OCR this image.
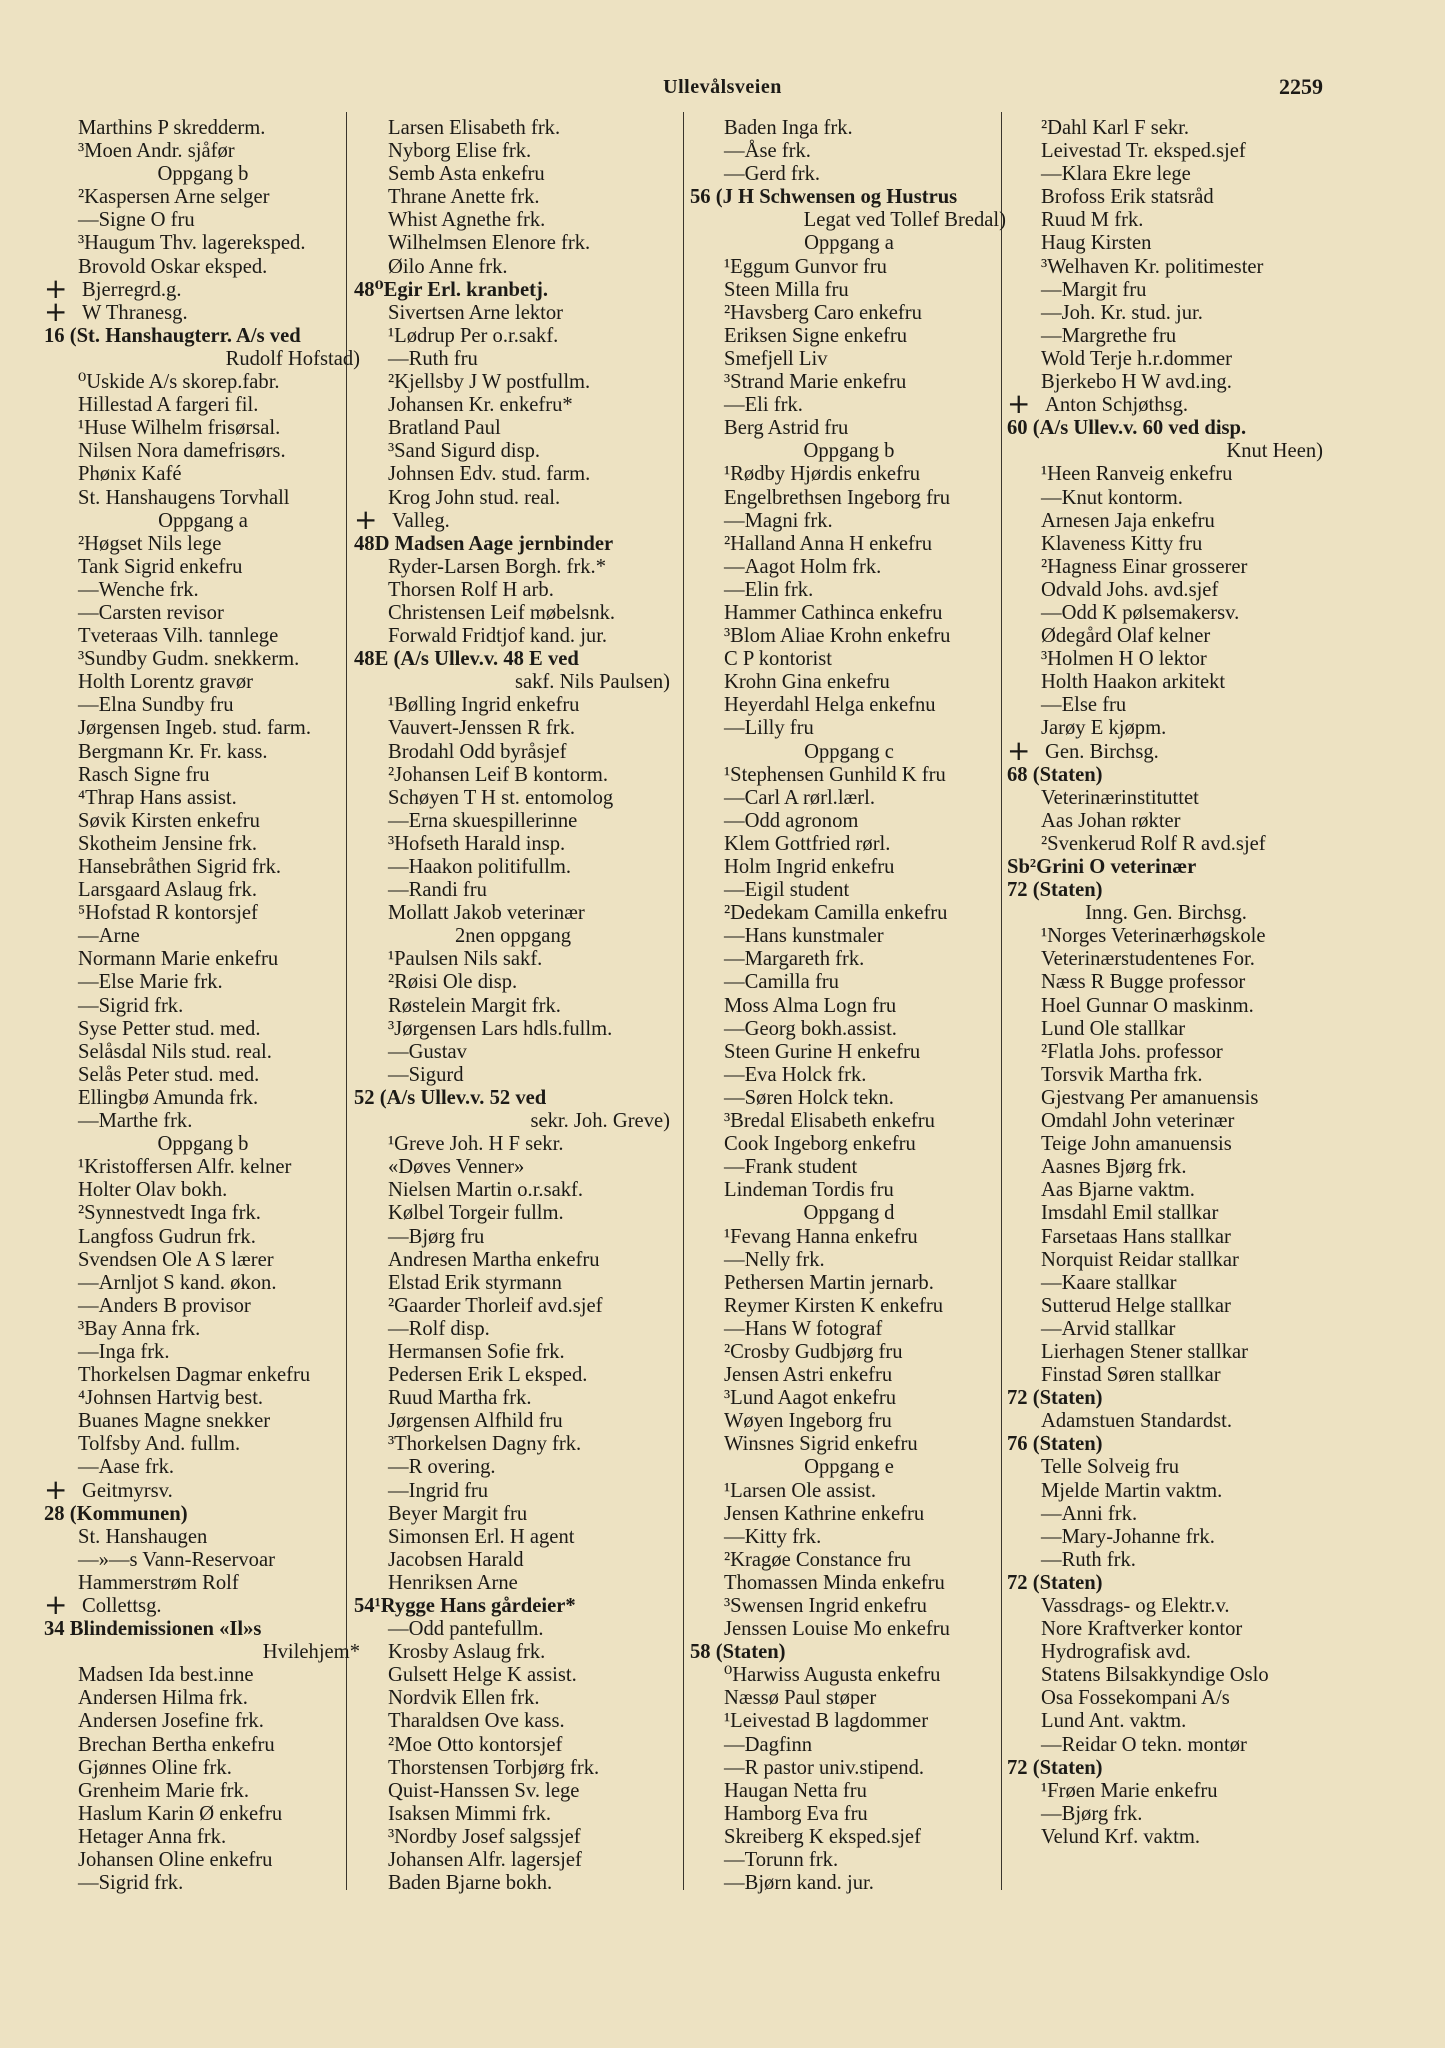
Ullevålsveien	2259
Marthins P skredderm.
³Moen Andr. sjåfør
Oppgang b
²Kaspersen Arne selger
—Signe O fru
³Haugum Thv. lagereksped.
Brovold Oskar eksped.
+ Bjerregrd.g.
+ W Thranesg.
16 (St. Hanshaugterr. A/s ved
Rudolf Hofstad)
⁰Uskide A/s skorep.fabr.
Hillestad A fargeri fil.
¹Huse Wilhelm frisørsal.
Nilsen Nora damefrisørs.
Phønix Kafé
St. Hanshaugens Torvhall
Oppgang a
²Høgset Nils lege
Tank Sigrid enkefru
—Wenche frk.
—Carsten revisor
Tveteraas Vilh. tannlege
³Sundby Gudm. snekkerm.
Holth Lorentz gravør
—Elna Sundby fru
Jørgensen Ingeb. stud. farm.
Bergmann Kr. Fr. kass.
Rasch Signe fru
⁴Thrap Hans assist.
Søvik Kirsten enkefru
Skotheim Jensine frk.
Hansebråthen Sigrid frk.
Larsgaard Aslaug frk.
⁵Hofstad R kontorsjef
—Arne
Normann Marie enkefru
—Else Marie frk.
—Sigrid frk.
Syse Petter stud. med.
Selåsdal Nils stud. real.
Selås Peter stud. med.
Ellingbø Amunda frk.
—Marthe frk.
Oppgang b
¹Kristoffersen Alfr. kelner
Holter Olav bokh.
²Synnestvedt Inga frk.
Langfoss Gudrun frk.
Svendsen Ole A S lærer
—Arnljot S kand. økon.
—Anders B provisor
³Bay Anna frk.
—Inga frk.
Thorkelsen Dagmar enkefru
⁴Johnsen Hartvig best.
Buanes Magne snekker
Tolfsby And. fullm.
—Aase frk.
+ Geitmyrsv.
28 (Kommunen)
St. Hanshaugen
—»—s Vann-Reservoar
Hammerstrøm Rolf
+ Collettsg.
34 Blindemissionen «Il»s
Hvilehjem*
Madsen Ida best.inne
Andersen Hilma frk.
Andersen Josefine frk.
Brechan Bertha enkefru
Gjønnes Oline frk.
Grenheim Marie frk.
Haslum Karin Ø enkefru
Hetager Anna frk.
Johansen Oline enkefru
—Sigrid frk.
Larsen Elisabeth frk.
Nyborg Elise frk.
Semb Asta enkefru
Thrane Anette frk.
Whist Agnethe frk.
Wilhelmsen Elenore frk.
Øilo Anne frk.
48⁰Egir Erl. kranbetj.
Sivertsen Arne lektor
¹Lødrup Per o.r.sakf.
—Ruth fru
²Kjellsby J W postfullm.
Johansen Kr. enkefru*
Bratland Paul
³Sand Sigurd disp.
Johnsen Edv. stud. farm.
Krog John stud. real.
+ Valleg.
48D Madsen Aage jernbinder
Ryder-Larsen Borgh. frk.*
Thorsen Rolf H arb.
Christensen Leif møbelsnk.
Forwald Fridtjof kand. jur.
48E (A/s Ullev.v. 48 E ved
sakf. Nils Paulsen)
¹Bølling Ingrid enkefru
Vauvert-Jenssen R frk.
Brodahl Odd byråsjef
²Johansen Leif B kontorm.
Schøyen T H st. entomolog
—Erna skuespillerinne
³Hofseth Harald insp.
—Haakon politifullm.
—Randi fru
Mollatt Jakob veterinær
2nen oppgang
¹Paulsen Nils sakf.
²Røisi Ole disp.
Røstelein Margit frk.
³Jørgensen Lars hdls.fullm.
—Gustav
—Sigurd
52 (A/s Ullev.v. 52 ved
sekr. Joh. Greve)
¹Greve Joh. H F sekr.
«Døves Venner»
Nielsen Martin o.r.sakf.
Kølbel Torgeir fullm.
—Bjørg fru
Andresen Martha enkefru
Elstad Erik styrmann
²Gaarder Thorleif avd.sjef
—Rolf disp.
Hermansen Sofie frk.
Pedersen Erik L eksped.
Ruud Martha frk.
Jørgensen Alfhild fru
³Thorkelsen Dagny frk.
—R overing.
—Ingrid fru
Beyer Margit fru
Simonsen Erl. H agent
Jacobsen Harald
Henriksen Arne
54¹Rygge Hans gårdeier*
—Odd pantefullm.
Krosby Aslaug frk.
Gulsett Helge K assist.
Nordvik Ellen frk.
Tharaldsen Ove kass.
²Moe Otto kontorsjef
Thorstensen Torbjørg frk.
Quist-Hanssen Sv. lege
Isaksen Mimmi frk.
³Nordby Josef salgssjef
Johansen Alfr. lagersjef
Baden Bjarne bokh.
Baden Inga frk.
—Åse frk.
—Gerd frk.
56 (J H Schwensen og Hustrus
Legat ved Tollef Bredal)
Oppgang a
¹Eggum Gunvor fru
Steen Milla fru
²Havsberg Caro enkefru
Eriksen Signe enkefru
Smefjell Liv
³Strand Marie enkefru
—Eli frk.
Berg Astrid fru
Oppgang b
¹Rødby Hjørdis enkefru
Engelbrethsen Ingeborg fru
—Magni frk.
²Halland Anna H enkefru
—Aagot Holm frk.
—Elin frk.
Hammer Cathinca enkefru
³Blom Aliae Krohn enkefru
C P kontorist
Krohn Gina enkefru
Heyerdahl Helga enkefnu
—Lilly fru
Oppgang c
¹Stephensen Gunhild K fru
—Carl A rørl.lærl.
—Odd agronom
Klem Gottfried rørl.
Holm Ingrid enkefru
—Eigil student
²Dedekam Camilla enkefru
—Hans kunstmaler
—Margareth frk.
—Camilla fru
Moss Alma Logn fru
—Georg bokh.assist.
Steen Gurine H enkefru
—Eva Holck frk.
—Søren Holck tekn.
³Bredal Elisabeth enkefru
Cook Ingeborg enkefru
—Frank student
Lindeman Tordis fru
Oppgang d
¹Fevang Hanna enkefru
—Nelly frk.
Pethersen Martin jernarb.
Reymer Kirsten K enkefru
—Hans W fotograf
²Crosby Gudbjørg fru
Jensen Astri enkefru
³Lund Aagot enkefru
Wøyen Ingeborg fru
Winsnes Sigrid enkefru
Oppgang e
¹Larsen Ole assist.
Jensen Kathrine enkefru
—Kitty frk.
²Kragøe Constance fru
Thomassen Minda enkefru
³Swensen Ingrid enkefru
Jenssen Louise Mo enkefru
58 (Staten)
⁰Harwiss Augusta enkefru
Næssø Paul støper
¹Leivestad B lagdommer
—Dagfinn
—R pastor univ.stipend.
Haugan Netta fru
Hamborg Eva fru
Skreiberg K eksped.sjef
—Torunn frk.
—Bjørn kand. jur.
²Dahl Karl F sekr.
Leivestad Tr. eksped.sjef
—Klara Ekre lege
Brofoss Erik statsråd
Ruud M frk.
Haug Kirsten
³Welhaven Kr. politimester
—Margit fru
—Joh. Kr. stud. jur.
—Margrethe fru
Wold Terje h.r.dommer
Bjerkebo H W avd.ing.
+ Anton Schjøthsg.
60 (A/s Ullev.v. 60 ved disp.
Knut Heen)
¹Heen Ranveig enkefru
—Knut kontorm.
Arnesen Jaja enkefru
Klaveness Kitty fru
²Hagness Einar grosserer
Odvald Johs. avd.sjef
—Odd K pølsemakersv.
Ødegård Olaf kelner
³Holmen H O lektor
Holth Haakon arkitekt
—Else fru
Jarøy E kjøpm.
+ Gen. Birchsg.
68 (Staten)
Veterinærinstituttet
Aas Johan røkter
²Svenkerud Rolf R avd.sjef
Sb²Grini O veterinær
72 (Staten)
Inng. Gen. Birchsg.
¹Norges Veterinærhøgskole
Veterinærstudentenes For.
Næss R Bugge professor
Hoel Gunnar O maskinm.
Lund Ole stallkar
²Flatla Johs. professor
Torsvik Martha frk.
Gjestvang Per amanuensis
Omdahl John veterinær
Teige John amanuensis
Aasnes Bjørg frk.
Aas Bjarne vaktm.
Imsdahl Emil stallkar
Farsetaas Hans stallkar
Norquist Reidar stallkar
—Kaare stallkar
Sutterud Helge stallkar
—Arvid stallkar
Lierhagen Stener stallkar
Finstad Søren stallkar
72 (Staten)
Adamstuen Standardst.
76 (Staten)
Telle Solveig fru
Mjelde Martin vaktm.
—Anni frk.
—Mary-Johanne frk.
—Ruth frk.
72 (Staten)
Vassdrags- og Elektr.v.
Nore Kraftverker kontor
Hydrografisk avd.
Statens Bilsakkyndige Oslo
Osa Fossekompani A/s
Lund Ant. vaktm.
—Reidar O tekn. montør
72 (Staten)
¹Frøen Marie enkefru
—Bjørg frk.
Velund Krf. vaktm.
